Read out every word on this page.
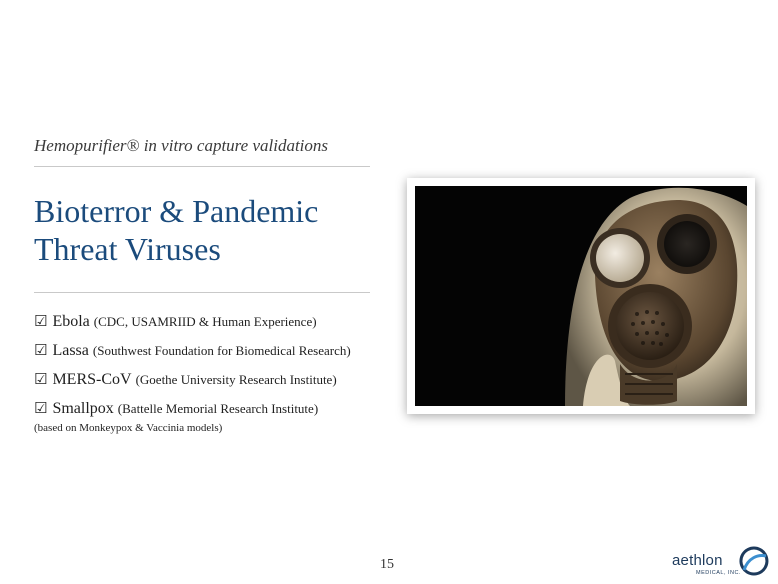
Hemopurifier® in vitro capture validations
Bioterror & Pandemic
Threat Viruses
☑ Ebola (CDC, USAMRIID & Human Experience)
☑ Lassa (Southwest Foundation for Biomedical Research)
☑ MERS-CoV (Goethe University Research Institute)
☑ Smallpox (Battelle Memorial Research Institute)
(based on Monkeypox & Vaccinia models)
15	aethlon
MEDICAL, INC.
